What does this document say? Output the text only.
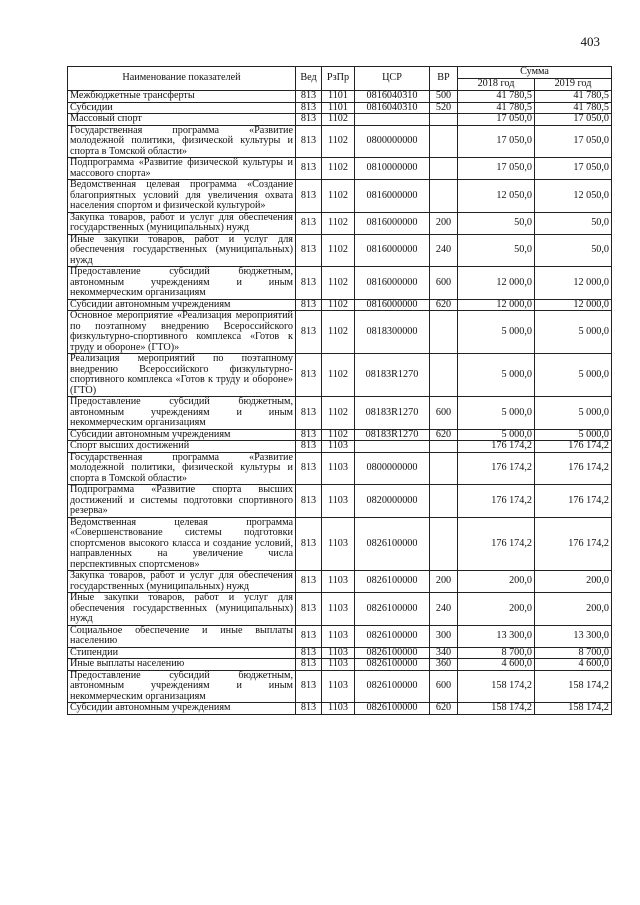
403
Наименование показателей	Вед	РзПр	ЦСР	ВР	Сумма	
					2018 год	2019 год
Межбюджетные трансферты	813	1101	0816040310	500	41 780,5	41 780,5
Субсидии	813	1101	0816040310	520	41 780,5	41 780,5
Массовый спорт	813	1102			17 050,0	17 050,0
Государственная программа «Развитие молодежной политики, физической культуры и спорта в Томской области»	813	1102	0800000000		17 050,0	17 050,0
Подпрограмма «Развитие физической культуры и массового спорта»	813	1102	0810000000		17 050,0	17 050,0
Ведомственная целевая программа «Создание благоприятных условий для увеличения охвата населения спортом и физической культурой»	813	1102	0816000000		12 050,0	12 050,0
Закупка товаров, работ и услуг для обеспечения государственных (муниципальных) нужд	813	1102	0816000000	200	50,0	50,0
Иные закупки товаров, работ и услуг для обеспечения государственных (муниципальных) нужд	813	1102	0816000000	240	50,0	50,0
Предоставление субсидий бюджетным, автономным учреждениям и иным некоммерческим организациям	813	1102	0816000000	600	12 000,0	12 000,0
Субсидии автономным учреждениям	813	1102	0816000000	620	12 000,0	12 000,0
Основное мероприятие «Реализация мероприятий по поэтапному внедрению Всероссийского физкультурно-спортивного комплекса «Готов к труду и обороне» (ГТО)»	813	1102	0818300000		5 000,0	5 000,0
Реализация мероприятий по поэтапному внедрению Всероссийского физкультурно-спортивного комплекса «Готов к труду и обороне» (ГТО)	813	1102	08183R1270		5 000,0	5 000,0
Предоставление субсидий бюджетным, автономным учреждениям и иным некоммерческим организациям	813	1102	08183R1270	600	5 000,0	5 000,0
Субсидии автономным учреждениям	813	1102	08183R1270	620	5 000,0	5 000,0
Спорт высших достижений	813	1103			176 174,2	176 174,2
Государственная программа «Развитие молодежной политики, физической культуры и спорта в Томской области»	813	1103	0800000000		176 174,2	176 174,2
Подпрограмма «Развитие спорта высших достижений и системы подготовки спортивного резерва»	813	1103	0820000000		176 174,2	176 174,2
Ведомственная целевая программа «Совершенствование системы подготовки спортсменов высокого класса и создание условий, направленных на увеличение числа перспективных спортсменов»	813	1103	0826100000		176 174,2	176 174,2
Закупка товаров, работ и услуг для обеспечения государственных (муниципальных) нужд	813	1103	0826100000	200	200,0	200,0
Иные закупки товаров, работ и услуг для обеспечения государственных (муниципальных) нужд	813	1103	0826100000	240	200,0	200,0
Социальное обеспечение и иные выплаты населению	813	1103	0826100000	300	13 300,0	13 300,0
Стипендии	813	1103	0826100000	340	8 700,0	8 700,0
Иные выплаты населению	813	1103	0826100000	360	4 600,0	4 600,0
Предоставление субсидий бюджетным, автономным учреждениям и иным некоммерческим организациям	813	1103	0826100000	600	158 174,2	158 174,2
Субсидии автономным учреждениям	813	1103	0826100000	620	158 174,2	158 174,2
